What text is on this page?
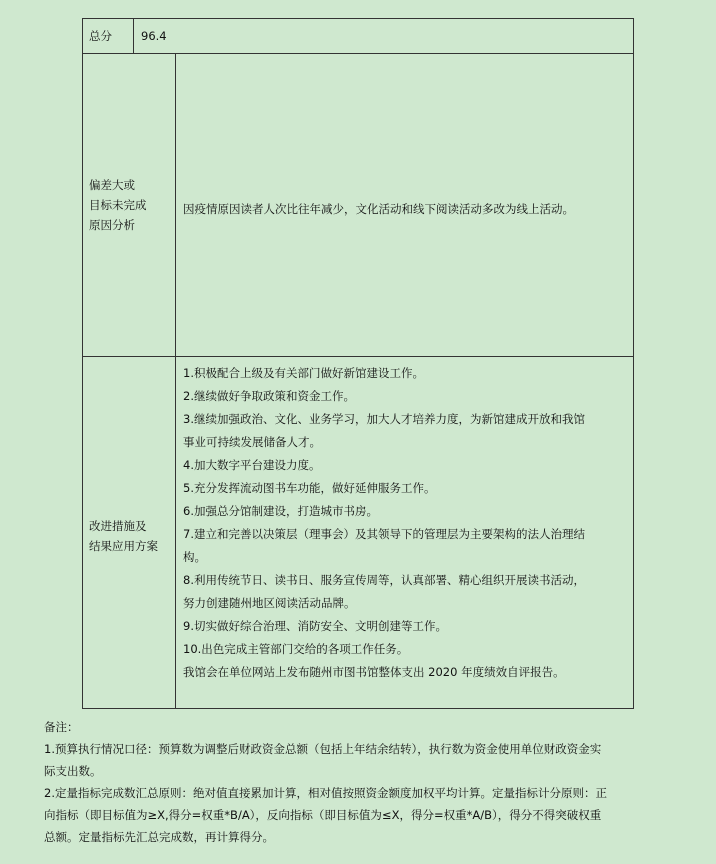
总分	96.4
偏差大或
目标未完成
原因分析
因疫情原因读者人次比往年减少，文化活动和线下阅读活动多改为线上活动。
改进措施及
结果应用方案
1.积极配合上级及有关部门做好新馆建设工作。
2.继续做好争取政策和资金工作。
3.继续加强政治、文化、业务学习，加大人才培养力度，为新馆建成开放和我馆
事业可持续发展储备人才。
4.加大数字平台建设力度。
5.充分发挥流动图书车功能，做好延伸服务工作。
6.加强总分馆制建设，打造城市书房。
7.建立和完善以决策层（理事会）及其领导下的管理层为主要架构的法人治理结
构。
8.利用传统节日、读书日、服务宣传周等，认真部署、精心组织开展读书活动，
努力创建随州地区阅读活动品牌。
9.切实做好综合治理、消防安全、文明创建等工作。
10.出色完成主管部门交给的各项工作任务。
我馆会在单位网站上发布随州市图书馆整体支出 2020 年度绩效自评报告。
备注：
1.预算执行情况口径：预算数为调整后财政资金总额（包括上年结余结转），执行数为资金使用单位财政资金实
际支出数。
2.定量指标完成数汇总原则：绝对值直接累加计算，相对值按照资金额度加权平均计算。定量指标计分原则：正
向指标（即目标值为≥X,得分=权重*B/A），反向指标（即目标值为≤X，得分=权重*A/B），得分不得突破权重
总额。定量指标先汇总完成数，再计算得分。
